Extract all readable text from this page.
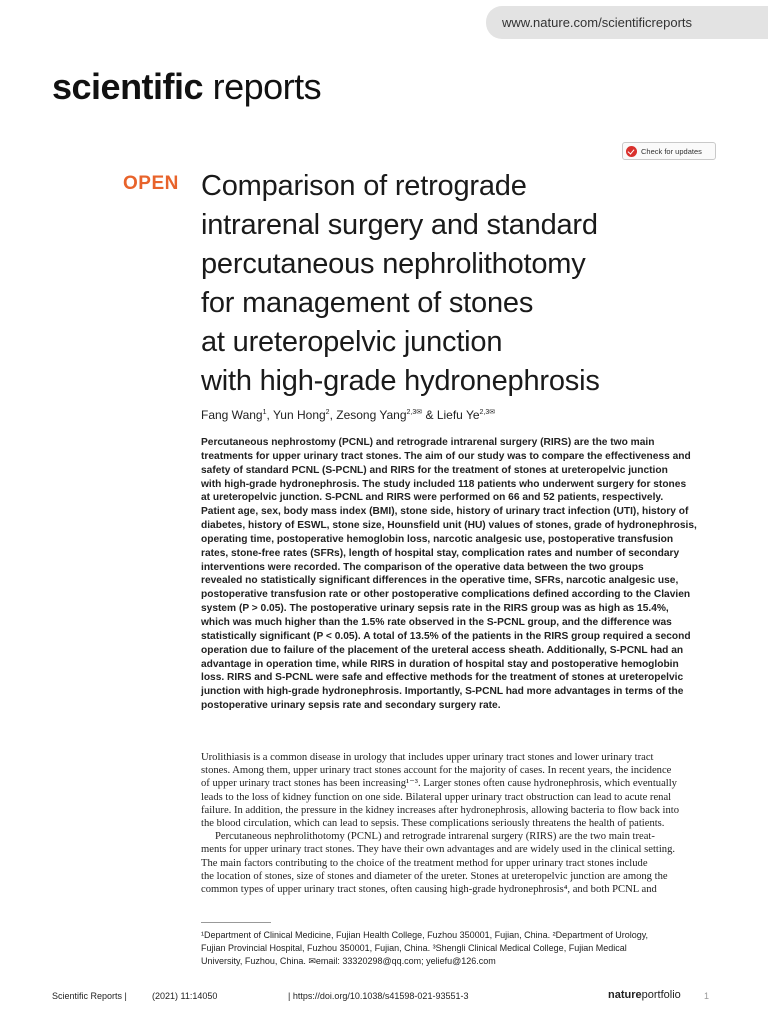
www.nature.com/scientificreports
scientific reports
Check for updates
OPEN Comparison of retrograde
intrarenal surgery and standard
percutaneous nephrolithotomy
for management of stones
at ureteropelvic junction
with high-grade hydronephrosis
Fang Wang$^1$, Yun Hong$^2$, Zesong Yang$^{2,3✉}$ & Liefu $Ye^{2,3✉}$
Percutaneous nephrostomy (PCNL) and retrograde intrarenal surgery (RIRS) are the two main
treatments for upper urinary tract stones. The aim of our study was to compare the effectiveness and
safety of standard PCNL (S-PCNL) and RIRS for the treatment of stones at ureteropelvic junction
with high-grade hydronephrosis. The study included 118 patients who underwent surgery for stones
at ureteropelvic junction. S-PCNL and RIRS were performed on 66 and 52 patients, respectively.
Patient age, sex, body mass index (BMI), stone side, history of urinary tract infection (UTI), history of
diabetes, history of ESWL, stone size, Hounsfield unit (HU) values of stones, grade of hydronephrosis,
operating time, postoperative hemoglobin loss, narcotic analgesic use, postoperative transfusion
rates, stone-free rates (SFRs), length of hospital stay, complication rates and number of secondary
interventions were recorded. The comparison of the operative data between the two groups
revealed no statistically significant differences in the operative time, SFRs, narcotic analgesic use,
postoperative transfusion rate or other postoperative complications defined according to the Clavien
system (P > 0.05). The postoperative urinary sepsis rate in the RIRS group was as high as 15.4%,
which was much higher than the 1.5% rate observed in the S-PCNL group, and the difference was
statistically significant (P < 0.05). A total of 13.5% of the patients in the RIRS group required a second
operation due to failure of the placement of the ureteral access sheath. Additionally, S-PCNL had an
advantage in operation time, while RIRS in duration of hospital stay and postoperative hemoglobin
loss. RIRS and S-PCNL were safe and effective methods for the treatment of stones at ureteropelvic
junction with high-grade hydronephrosis. Importantly, S-PCNL had more advantages in terms of the
postoperative urinary sepsis rate and secondary surgery rate.
Urolithiasis is a common disease in urology that includes upper urinary tract stones and lower urinary tract
stones. Among them, upper urinary tract stones account for the majority of cases. In recent years, the incidence
of upper urinary tract stones has been increasing¹⁻³. Larger stones often cause hydronephrosis, which eventually
leads to the loss of kidney function on one side. Bilateral upper urinary tract obstruction can lead to acute renal
failure. In addition, the pressure in the kidney increases after hydronephrosis, allowing bacteria to flow back into
the blood circulation, which can lead to sepsis. These complications seriously threatens the health of patients.
Percutaneous nephrolithotomy (PCNL) and retrograde intrarenal surgery (RIRS) are the two main treat-
ments for upper urinary tract stones. They have their own advantages and are widely used in the clinical setting.
The main factors contributing to the choice of the treatment method for upper urinary tract stones include
the location of stones, size of stones and diameter of the ureter. Stones at ureteropelvic junction are among the
common types of upper urinary tract stones, often causing high-grade hydronephrosis⁴, and both PCNL and
¹Department of Clinical Medicine, Fujian Health College, Fuzhou 350001, Fujian, China. ²Department of Urology,
Fujian Provincial Hospital, Fuzhou 350001, Fujian, China. ³Shengli Clinical Medical College, Fujian Medical
University, Fuzhou, China. ✉email: 33320298@qq.com; yeliefu@126.com
Scientific Reports |	(2021) 11:14050	| https://doi.org/10.1038/s41598-021-93551-3	natureportfolio	1
